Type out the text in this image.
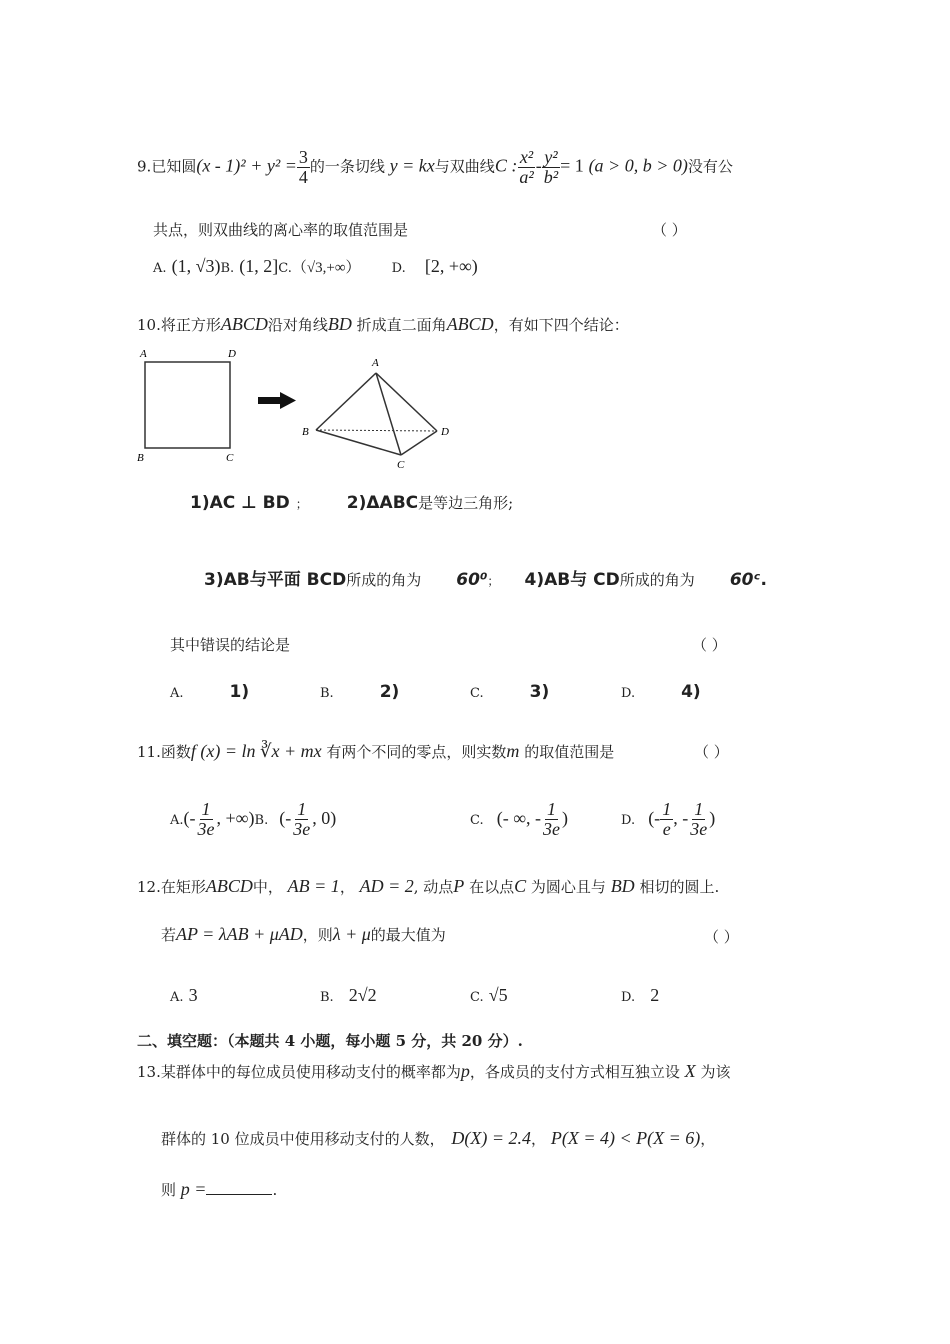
9.已知圆$(x - 1)^2 + y^2 = \frac{3}{4}$ 的一条切线 y = kx与双曲线C : $\frac{\text{x²}}{\text{a²}} - \frac{\text{y²}}{\text{b²}} = 1$ (a > 0, b > 0)没有公
共点，则双曲线的离心率的取值范围是	（ ）
A. (1, √3)B. (1, 2]C.（√3,+∞） D. [2, +∞)
10.将正方形ABCD沿对角线BD 折成直二面角ABCD，有如下四个结论：
A	D
B	C
A
B
C
D
1)AC ⊥ BD ； 2)ΔABC是等边三角形;
3)AB与平面 BCD所成的角为 60⁰； 4)AB与 CD所成的角为 60ᶜ.
其中错误的结论是	（ ）
A.	1)	B.	2)	C.	3)	D.	4)
11.函数f (x) = ln ∛x + mx 有两个不同的零点，则实数m 的取值范围是	（ ）
$A.(- \frac{1}{3e}$ , +∞)B. (- $\frac{1}{3e}$ , 0)	C. (- ∞, - $\frac{1}{3e}$ )	D. (- $\frac{1}{e}$ , - $\frac{1}{3e}$ )
12.在矩形ABCD中， AB = 1， AD = 2, 动点P 在以点C 为圆心且与 BD 相切的圆上.
若AP = λAB + μAD，则λ + μ的最大值为	（ ）
A. 3	B. 2√2	C. √5	D. 2
二、填空题：（本题共 4 小题，每小题 5 分，共 20 分）.
13.某群体中的每位成员使用移动支付的概率都为p，各成员的支付方式相互独立设 X 为该
群体的 10 位成员中使用移动支付的人数， D(X) = 2.4， P(X = 4) < P(X = 6)，
则 p =	.
